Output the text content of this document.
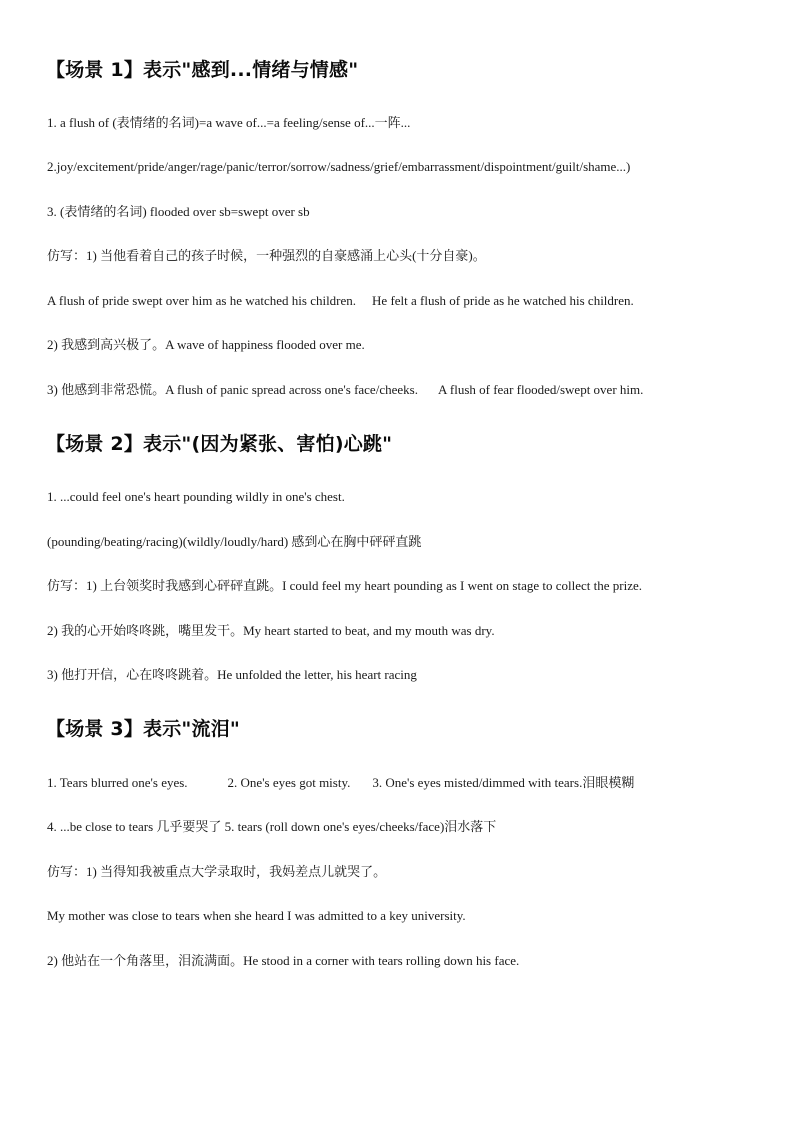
【场景 1】表示"感到...情绪与情感"
1. a flush of (表情绪的名词)=a wave of...=a feeling/sense of...一阵...
2.joy/excitement/pride/anger/rage/panic/terror/sorrow/sadness/grief/embarrassment/dispointment/guilt/shame...)
3. (表情绪的名词) flooded over sb=swept over sb
仿写：1) 当他看着自己的孩子时候，一种强烈的自豪感涌上心头(十分自豪)。
A flush of pride swept over him as he watched his children. He felt a flush of pride as he watched his children.
2) 我感到高兴极了。A wave of happiness flooded over me.
3) 他感到非常恐慌。A flush of panic spread across one's face/cheeks. A flush of fear flooded/swept over him.
【场景 2】表示"(因为紧张、害怕)心跳"
1. ...could feel one's heart pounding wildly in one's chest.
(pounding/beating/racing)(wildly/loudly/hard) 感到心在胸中砰砰直跳
仿写：1) 上台领奖时我感到心砰砰直跳。I could feel my heart pounding as I went on stage to collect the prize.
2) 我的心开始咚咚跳，嘴里发干。My heart started to beat, and my mouth was dry.
3) 他打开信，心在咚咚跳着。He unfolded the letter, his heart racing
【场景 3】表示"流泪"
1. Tears blurred one's eyes.	2. One's eyes got misty. 3. One's eyes misted/dimmed with tears.泪眼模糊
4. ...be close to tears 几乎要哭了 5. tears (roll down one's eyes/cheeks/face)泪水落下
仿写：1) 当得知我被重点大学录取时，我妈差点儿就哭了。
My mother was close to tears when she heard I was admitted to a key university.
2) 他站在一个角落里，泪流满面。He stood in a corner with tears rolling down his face.
